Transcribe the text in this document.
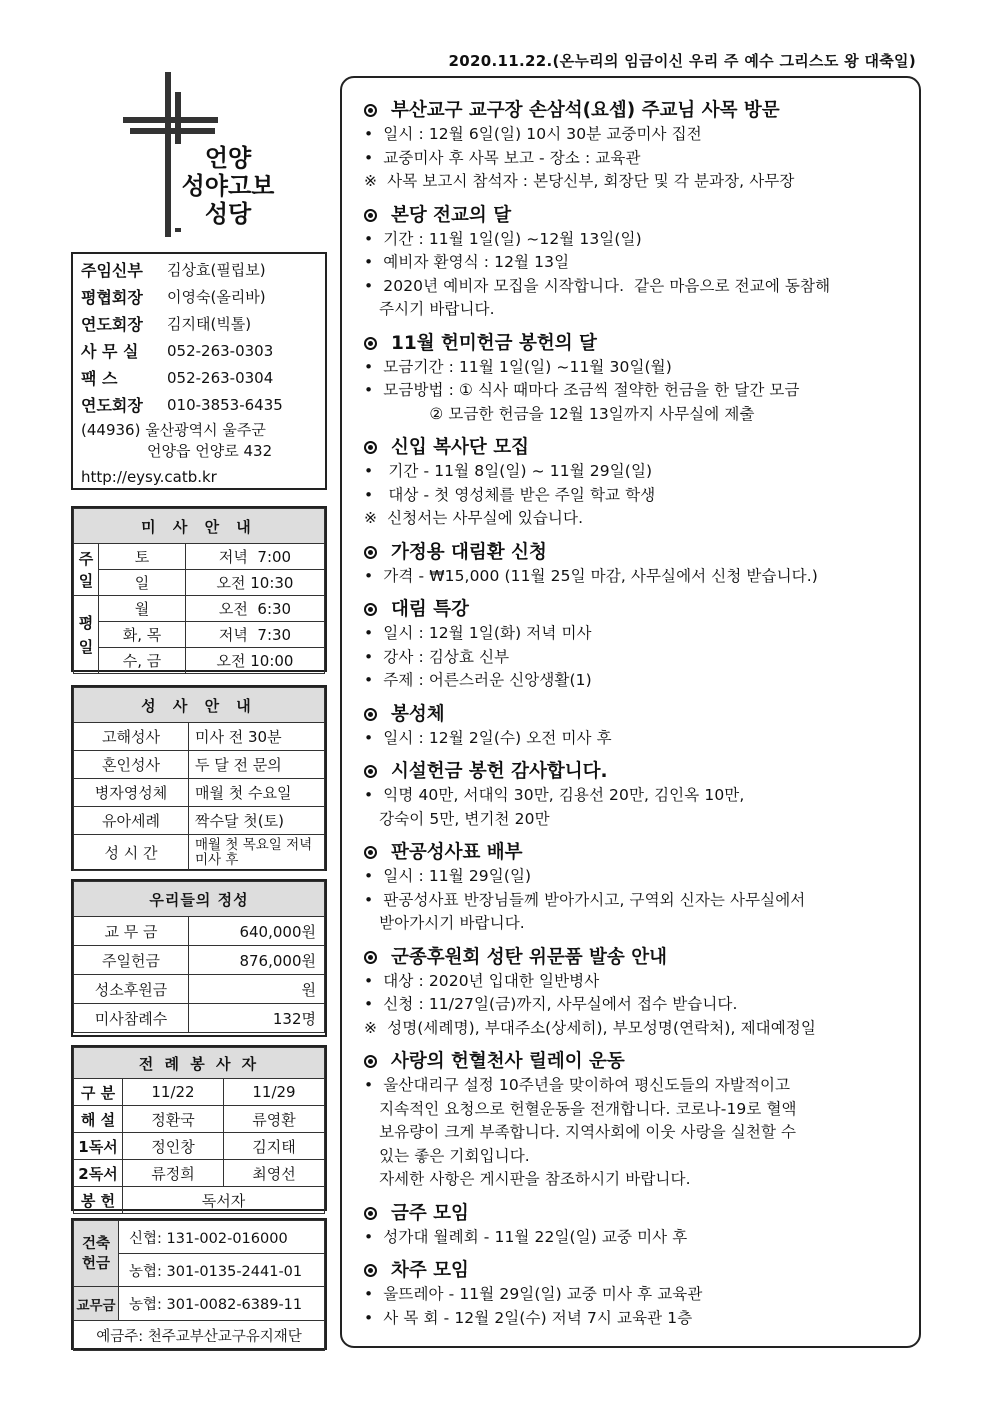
2020.11.22.(온누리의 임금이신 우리 주 예수 그리스도 왕 대축일)
언양
성야고보
성당
주임신부	김상효(필립보)
평협회장	이영숙(올리바)
연도회장	김지태(빅톨)
사 무 실	052-263-0303
팩 스	052-263-0304
연도회장	010-3853-6435
(44936) 울산광역시 울주군
언양읍 언양로 432
http://eysy.catb.kr
미 사 안 내		
주
일	토	저녁  7:00
	일	오전 10:30
평
일	월	오전  6:30
	화, 목	저녁  7:30
	수, 금	오전 10:00
성 사 안 내	
고해성사	미사 전 30분
혼인성사	두 달 전 문의
병자영성체	매월 첫 수요일
유아세례	짝수달 첫(토)
성 시 간	매월 첫 목요일 저녁미사 후
우리들의 정성	
교 무 금	640,000원
주일헌금	876,000원
성소후원금	원
미사참례수	132명
전 례 봉 사 자		
구 분	11/22	11/29
해 설	정환국	류영환
1독서	정인창	김지태
2독서	류정희	최영선
봉 헌	독서자	
건축
헌금	신협: 131-002-016000
	농협: 301-0135-2441-01
교무금	농협: 301-0082-6389-11
예금주: 천주교부산교구유지재단	
부산교구 교구장 손삼석(요셉) 주교님 사목 방문
•  일시 : 12월 6일(일) 10시 30분 교중미사 집전
•  교중미사 후 사목 보고 - 장소 : 교육관
※  사목 보고시 참석자 : 본당신부, 회장단 및 각 분과장, 사무장
본당 전교의 달
•  기간 : 11월 1일(일) ~12월 13일(일)
•  예비자 환영식 : 12월 13일
•  2020년 예비자 모집을 시작합니다.  같은 마음으로 전교에 동참해
주시기 바랍니다.
11월 헌미헌금 봉헌의 달
•  모금기간 : 11월 1일(일) ~11월 30일(월)
•  모금방법 : ① 식사 때마다 조금씩 절약한 헌금을 한 달간 모금
② 모금한 헌금을 12월 13일까지 사무실에 제출
신입 복사단 모집
•   기간 - 11월 8일(일) ~ 11월 29일(일)
•   대상 - 첫 영성체를 받은 주일 학교 학생
※  신청서는 사무실에 있습니다.
가정용 대림환 신청
•  가격 - ₩15,000 (11월 25일 마감, 사무실에서 신청 받습니다.)
대림 특강
•  일시 : 12월 1일(화) 저녁 미사
•  강사 : 김상효 신부
•  주제 : 어른스러운 신앙생활(1)
봉성체
•  일시 : 12월 2일(수) 오전 미사 후
시설헌금 봉헌 감사합니다.
•  익명 40만, 서대익 30만, 김용선 20만, 김인옥 10만,
강숙이 5만, 변기천 20만
판공성사표 배부
•  일시 : 11월 29일(일)
•  판공성사표 반장님들께 받아가시고, 구역외 신자는 사무실에서
받아가시기 바랍니다.
군종후원회 성탄 위문품 발송 안내
•  대상 : 2020년 입대한 일반병사
•  신청 : 11/27일(금)까지, 사무실에서 접수 받습니다.
※  성명(세례명), 부대주소(상세히), 부모성명(연락처), 제대예정일
사랑의 헌혈천사 릴레이 운동
•  울산대리구 설정 10주년을 맞이하여 평신도들의 자발적이고
지속적인 요청으로 헌혈운동을 전개합니다. 코로나-19로 혈액
보유량이 크게 부족합니다. 지역사회에 이웃 사랑을 실천할 수
있는 좋은 기회입니다.
자세한 사항은 게시판을 참조하시기 바랍니다.
금주 모임
•  성가대 월례회 - 11월 22일(일) 교중 미사 후
차주 모임
•  울뜨레아 - 11월 29일(일) 교중 미사 후 교육관
•  사 목 회 - 12월 2일(수) 저녁 7시 교육관 1층
